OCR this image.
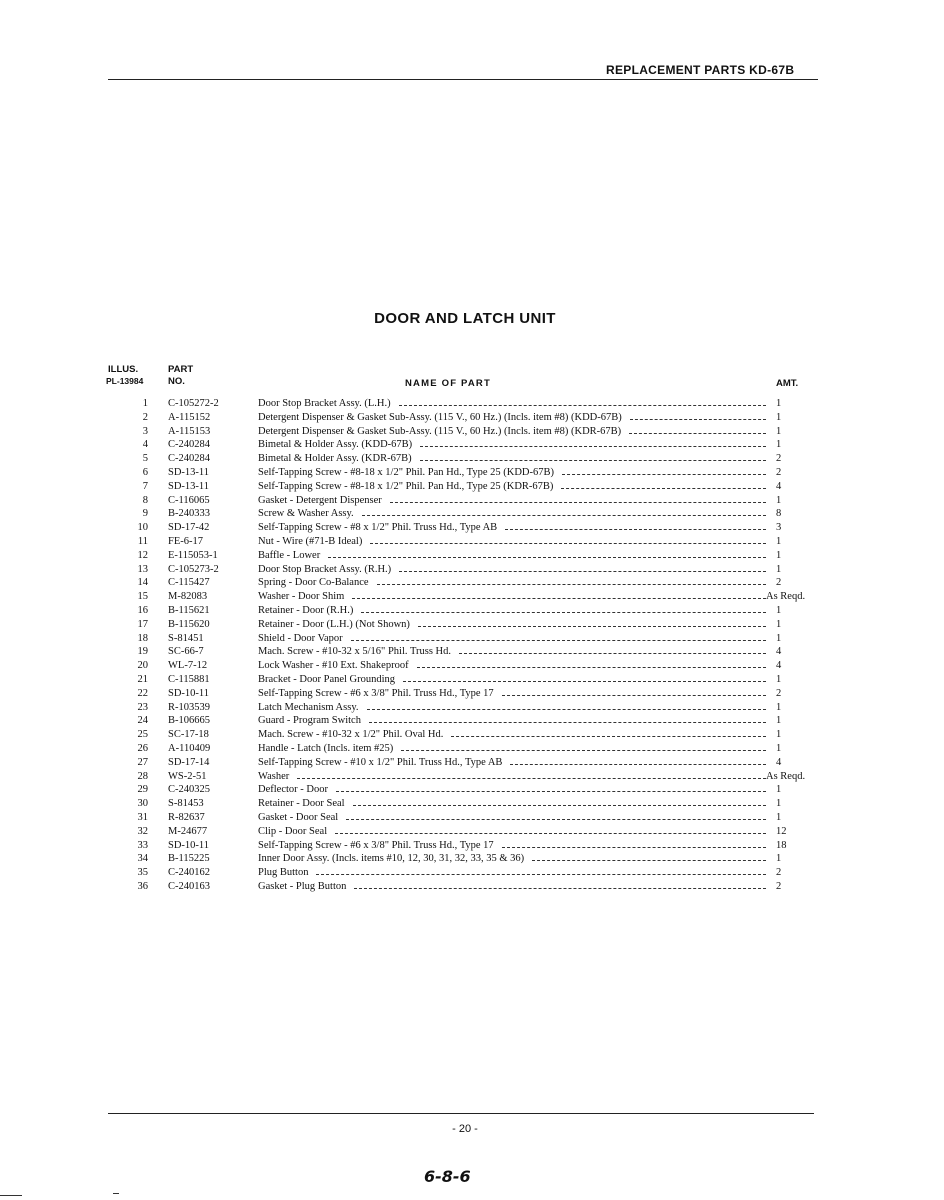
REPLACEMENT PARTS KD-67B
DOOR AND LATCH UNIT
ILLUS.
PL-13984
PART
NO.	NAME OF PART	AMT.
1 C-105272-2	Door Stop Bracket Assy. (L.H.)	1
2 A-115152	Detergent Dispenser & Gasket Sub-Assy. (115 V., 60 Hz.) (Incls. item #8) (KDD-67B)	1
3 A-115153	Detergent Dispenser & Gasket Sub-Assy. (115 V., 60 Hz.) (Incls. item #8) (KDR-67B)	1
4 C-240284	Bimetal & Holder Assy. (KDD-67B)	1
5 C-240284	Bimetal & Holder Assy. (KDR-67B)	2
6 SD-13-11	Self-Tapping Screw - #8-18 x 1/2" Phil. Pan Hd., Type 25 (KDD-67B)	2
7 SD-13-11	Self-Tapping Screw - #8-18 x 1/2" Phil. Pan Hd., Type 25 (KDR-67B)	4
8 C-116065	Gasket - Detergent Dispenser	1
9 B-240333	Screw & Washer Assy.	8
10 SD-17-42	Self-Tapping Screw - #8 x 1/2" Phil. Truss Hd., Type AB	3
11 FE-6-17	Nut - Wire (#71-B Ideal)	1
12 E-115053-1	Baffle - Lower	1
13 C-105273-2	Door Stop Bracket Assy. (R.H.)	1
14 C-115427	Spring - Door Co-Balance	2
15 M-82083	Washer - Door Shim	As Reqd.
16 B-115621	Retainer - Door (R.H.)	1
17 B-115620	Retainer - Door (L.H.) (Not Shown)	1
18 S-81451	Shield - Door Vapor	1
19 SC-66-7	Mach. Screw - #10-32 x 5/16" Phil. Truss Hd.	4
20 WL-7-12	Lock Washer - #10 Ext. Shakeproof	4
21 C-115881	Bracket - Door Panel Grounding	1
22 SD-10-11	Self-Tapping Screw - #6 x 3/8" Phil. Truss Hd., Type 17	2
23 R-103539	Latch Mechanism Assy.	1
24 B-106665	Guard - Program Switch	1
25 SC-17-18	Mach. Screw - #10-32 x 1/2" Phil. Oval Hd.	1
26 A-110409	Handle - Latch (Incls. item #25)	1
27 SD-17-14	Self-Tapping Screw - #10 x 1/2" Phil. Truss Hd., Type AB	4
28 WS-2-51	Washer	As Reqd.
29 C-240325	Deflector - Door	1
30 S-81453	Retainer - Door Seal	1
31 R-82637	Gasket - Door Seal	1
32 M-24677	Clip - Door Seal	12
33 SD-10-11	Self-Tapping Screw - #6 x 3/8" Phil. Truss Hd., Type 17	18
34 B-115225	Inner Door Assy. (Incls. items #10, 12, 30, 31, 32, 33, 35 & 36)	1
35 C-240162	Plug Button	2
36 C-240163	Gasket - Plug Button	2
- 20 -
6-8-6
